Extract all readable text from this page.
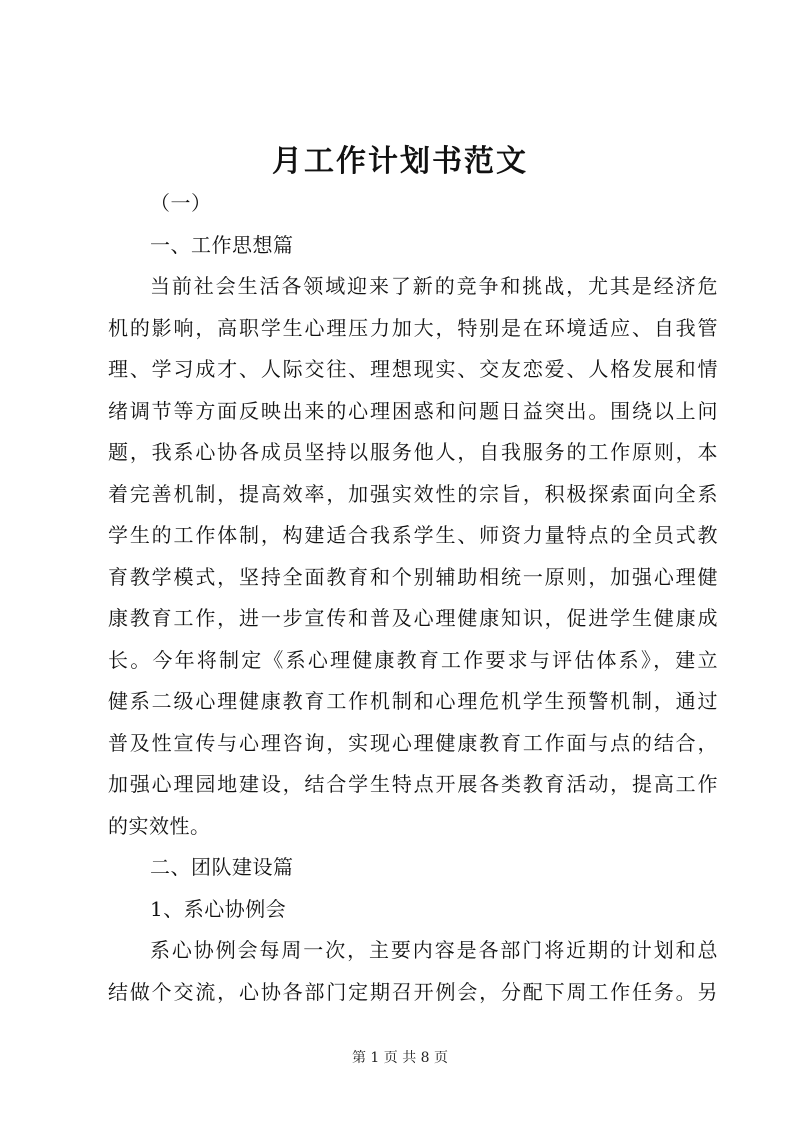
月工作计划书范文
（一）
一、工作思想篇
当前社会生活各领域迎来了新的竞争和挑战，尤其是经济危
机的影响，高职学生心理压力加大，特别是在环境适应、自我管
理、学习成才、人际交往、理想现实、交友恋爱、人格发展和情
绪调节等方面反映出来的心理困惑和问题日益突出。围绕以上问
题，我系心协各成员坚持以服务他人，自我服务的工作原则，本
着完善机制，提高效率，加强实效性的宗旨，积极探索面向全系
学生的工作体制，构建适合我系学生、师资力量特点的全员式教
育教学模式，坚持全面教育和个别辅助相统一原则，加强心理健
康教育工作，进一步宣传和普及心理健康知识，促进学生健康成
长。今年将制定《系心理健康教育工作要求与评估体系》，建立
健系二级心理健康教育工作机制和心理危机学生预警机制，通过
普及性宣传与心理咨询，实现心理健康教育工作面与点的结合，
加强心理园地建设，结合学生特点开展各类教育活动，提高工作
的实效性。
二、团队建设篇
1、系心协例会
系心协例会每周一次，主要内容是各部门将近期的计划和总
结做个交流，心协各部门定期召开例会，分配下周工作任务。另
第 1 页 共 8 页
